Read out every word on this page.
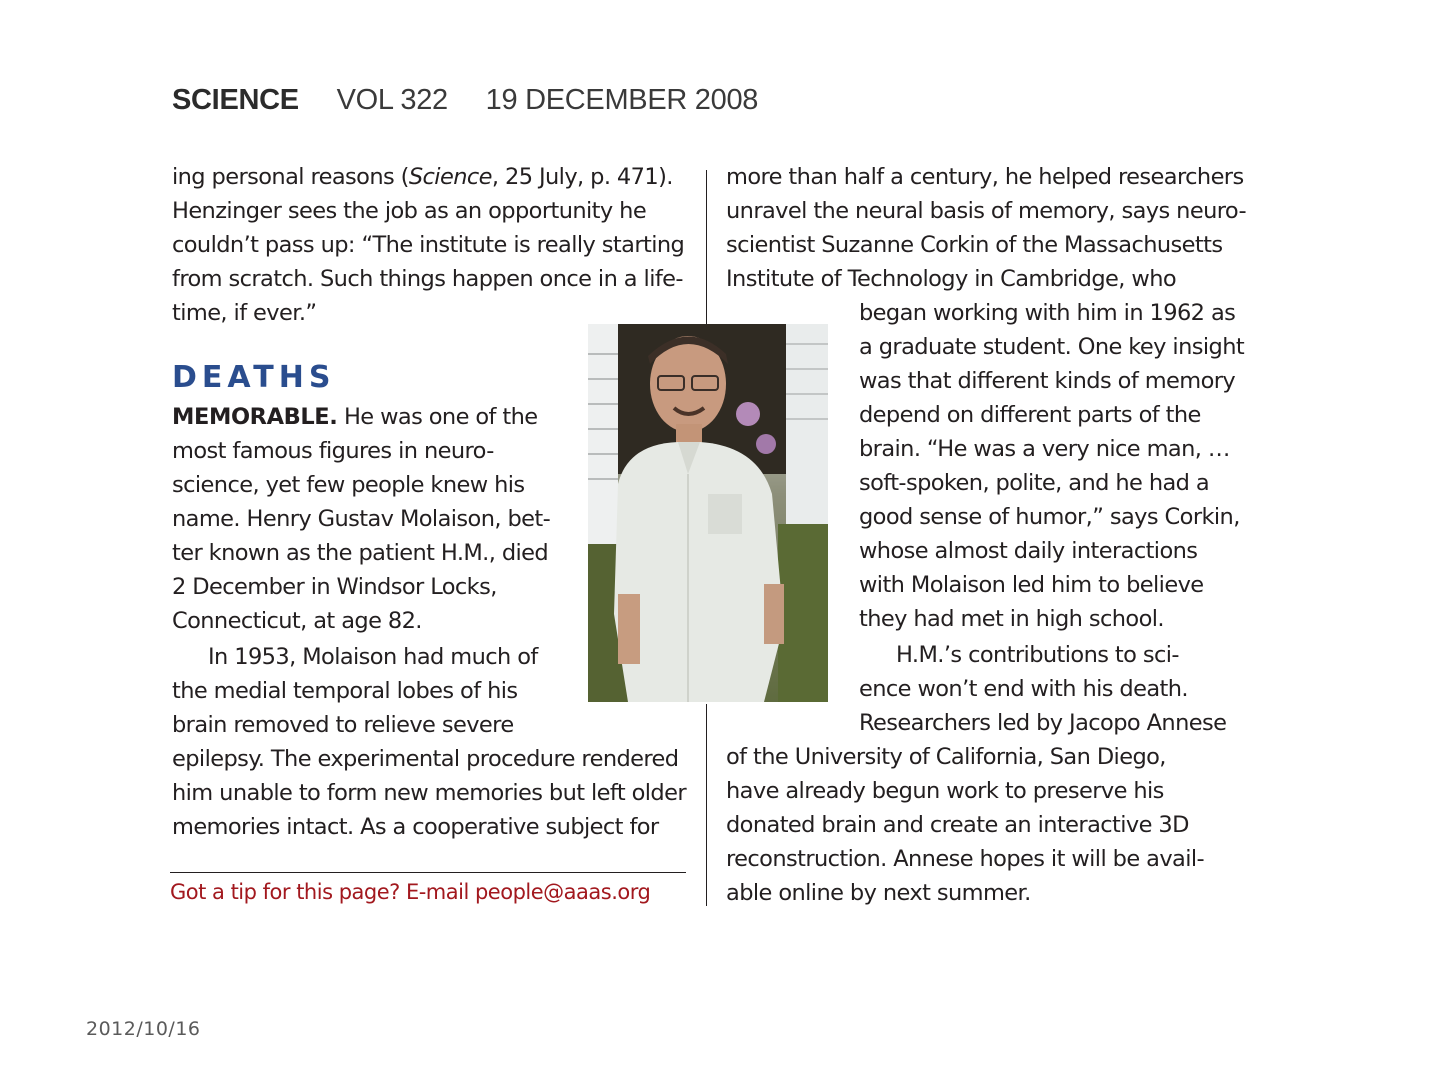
SCIENCE VOL 322 19 DECEMBER 2008
ing personal reasons (Science, 25 July, p. 471).
Henzinger sees the job as an opportunity he
couldn’t pass up: “The institute is really starting
from scratch. Such things happen once in a life-
time, if ever.”
DEATHS
MEMORABLE. He was one of the
most famous figures in neuro-
science, yet few people knew his
name. Henry Gustav Molaison, bet-
ter known as the patient H.M., died
2 December in Windsor Locks,
Connecticut, at age 82.
In 1953, Molaison had much of
the medial temporal lobes of his
brain removed to relieve severe
epilepsy. The experimental procedure rendered
him unable to form new memories but left older
memories intact. As a cooperative subject for
more than half a century, he helped researchers
unravel the neural basis of memory, says neuro-
scientist Suzanne Corkin of the Massachusetts
Institute of Technology in Cambridge, who
began working with him in 1962 as
a graduate student. One key insight
was that different kinds of memory
depend on different parts of the
brain. “He was a very nice man, …
soft-spoken, polite, and he had a
good sense of humor,” says Corkin,
whose almost daily interactions
with Molaison led him to believe
they had met in high school.
H.M.’s contributions to sci-
ence won’t end with his death.
Researchers led by Jacopo Annese
of the University of California, San Diego,
have already begun work to preserve his
donated brain and create an interactive 3D
reconstruction. Annese hopes it will be avail-
able online by next summer.
Got a tip for this page? E-mail people@aaas.org
2012/10/16
